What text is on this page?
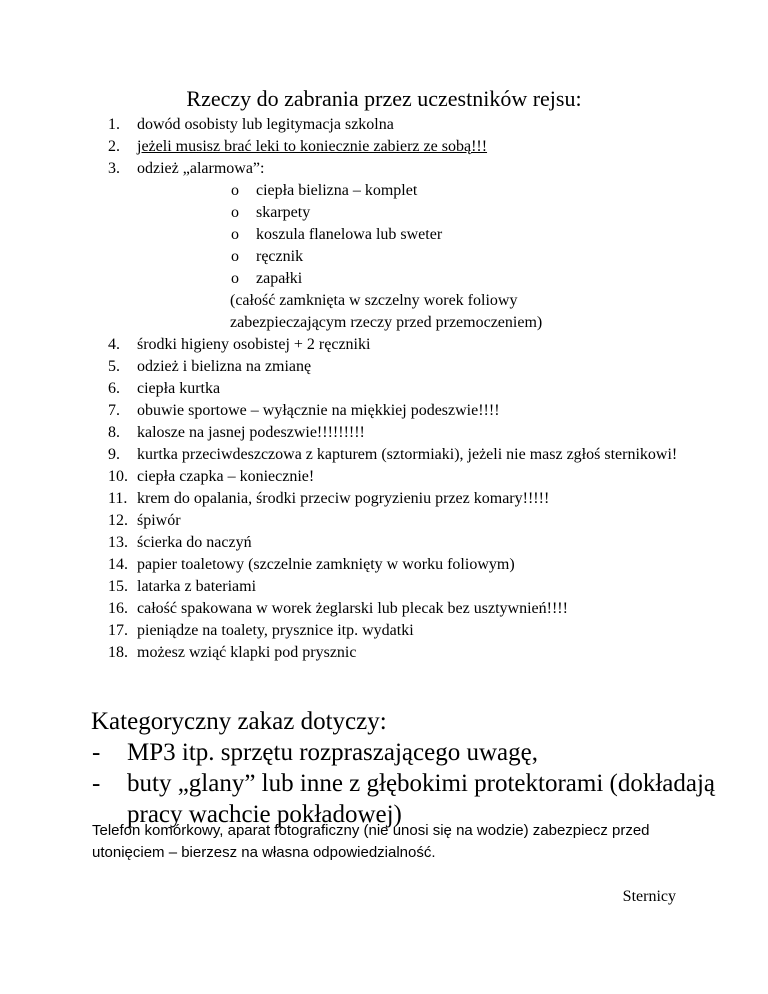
Rzeczy do zabrania przez uczestników rejsu:
1. dowód osobisty lub legitymacja szkolna
2. jeżeli musisz brać leki to koniecznie zabierz ze sobą!!!
3. odzież „alarmowa”:
o ciepła bielizna – komplet
o skarpety
o koszula flanelowa lub sweter
o ręcznik
o zapałki
(całość zamknięta w szczelny worek foliowy
zabezpieczającym rzeczy przed przemoczeniem)
4. środki higieny osobistej + 2 ręczniki
5. odzież i bielizna na zmianę
6. ciepła kurtka
7. obuwie sportowe – wyłącznie na miękkiej podeszwie!!!!
8. kalosze na jasnej podeszwie!!!!!!!!!
9. kurtka przeciwdeszczowa z kapturem (sztormiaki), jeżeli nie masz zgłoś sternikowi!
10. ciepła czapka – koniecznie!
11. krem do opalania, środki przeciw pogryzieniu przez komary!!!!!
12. śpiwór
13. ścierka do naczyń
14. papier toaletowy (szczelnie zamknięty w worku foliowym)
15. latarka z bateriami
16. całość spakowana w worek żeglarski lub plecak bez usztywnień!!!!
17. pieniądze na toalety, prysznice itp. wydatki
18. możesz wziąć klapki pod prysznic
Kategoryczny zakaz dotyczy:
- MP3 itp. sprzętu rozpraszającego uwagę,
- buty „glany” lub inne z głębokimi protektorami (dokładają pracy wachcie pokładowej)

Telefon komórkowy, aparat fotograficzny (nie unosi się na wodzie) zabezpiecz przed utonięciem – bierzesz na własna odpowiedzialność.

Sternicy
